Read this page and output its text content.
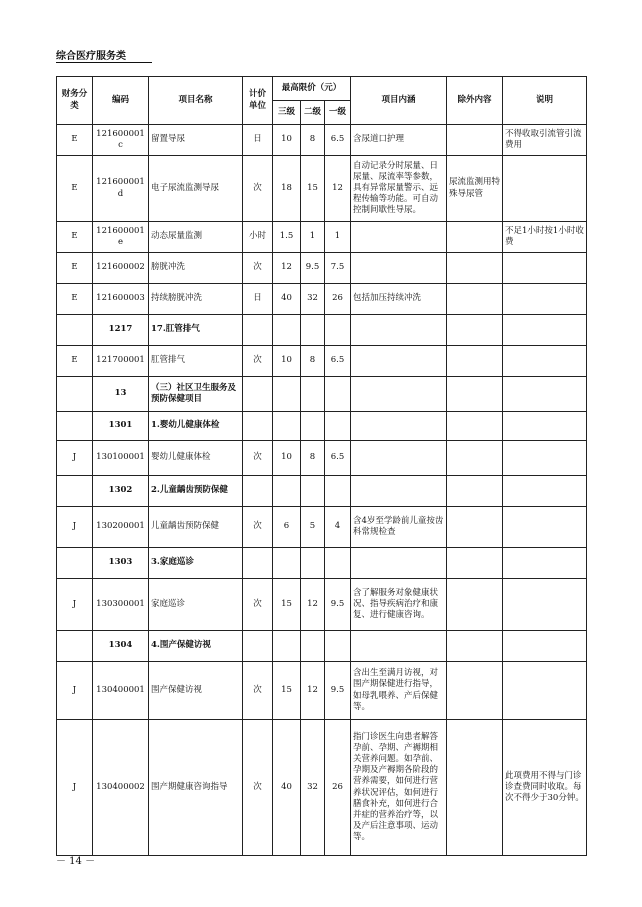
综合医疗服务类
财务分类	编码	项目名称	计价单位	最高限价（元）			项目内涵	除外内容	说明
				三级	二级	一级			
E	121600001c	留置导尿	日	10	8	6.5	含尿道口护理		不得收取引流管引流费用
E	121600001d	电子尿流监测导尿	次	18	15	12	自动记录分时尿量、日尿量、尿流率等参数，具有异常尿量警示、远程传输等功能。可自动控制间歇性导尿。	尿流监测用特殊导尿管	
E	121600001e	动态尿量监测	小时	1.5	1	1			不足1小时按1小时收费
E	121600002	膀胱冲洗	次	12	9.5	7.5			
E	121600003	持续膀胱冲洗	日	40	32	26	包括加压持续冲洗		
	1217	17.肛管排气							
E	121700001	肛管排气	次	10	8	6.5			
	13	（三）社区卫生服务及预防保健项目							
	1301	1.婴幼儿健康体检							
J	130100001	婴幼儿健康体检	次	10	8	6.5			
	1302	2.儿童龋齿预防保健							
J	130200001	儿童龋齿预防保健	次	6	5	4	含4岁至学龄前儿童按齿科常规检查		
	1303	3.家庭巡诊							
J	130300001	家庭巡诊	次	15	12	9.5	含了解服务对象健康状况、指导疾病治疗和康复、进行健康咨询。		
	1304	4.围产保健访视							
J	130400001	围产保健访视	次	15	12	9.5	含出生至满月访视，对围产期保健进行指导，如母乳喂养、产后保健等。		
J	130400002	围产期健康咨询指导	次	40	32	26	指门诊医生向患者解答孕前、孕期、产褥期相关营养问题。如孕前、孕期及产褥期各阶段的营养需要，如何进行营养状况评估，如何进行膳食补充，如何进行合并症的营养治疗等，以及产后注意事项、运动等。		此项费用不得与门诊诊查费同时收取。每次不得少于30分钟。
－ 14 －
